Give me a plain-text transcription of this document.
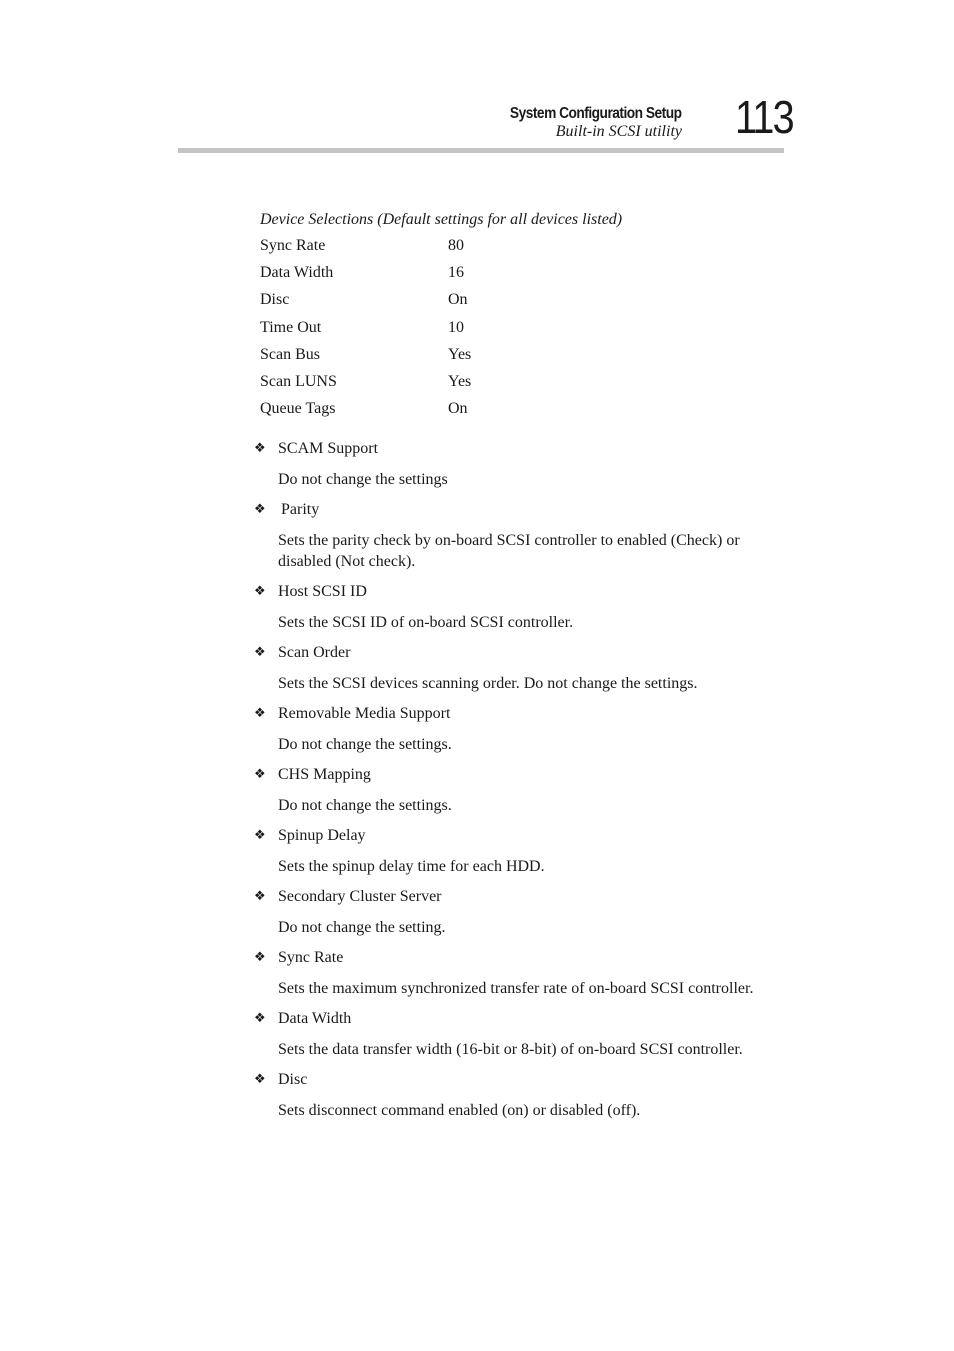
System Configuration Setup
Built-in SCSI utility 113
Device Selections (Default settings for all devices listed)
Sync Rate	80
Data Width	16
Disc	On
Time Out	10
Scan Bus	Yes
Scan LUNS	Yes
Queue Tags	On
❖ SCAM Support
Do not change the settings
❖ Parity
Sets the parity check by on-board SCSI controller to enabled (Check) or disabled (Not check).
❖ Host SCSI ID
Sets the SCSI ID of on-board SCSI controller.
❖ Scan Order
Sets the SCSI devices scanning order. Do not change the settings.
❖ Removable Media Support
Do not change the settings.
❖ CHS Mapping
Do not change the settings.
❖ Spinup Delay
Sets the spinup delay time for each HDD.
❖ Secondary Cluster Server
Do not change the setting.
❖ Sync Rate
Sets the maximum synchronized transfer rate of on-board SCSI controller.
❖ Data Width
Sets the data transfer width (16-bit or 8-bit) of on-board SCSI controller.
❖ Disc
Sets disconnect command enabled (on) or disabled (off).
